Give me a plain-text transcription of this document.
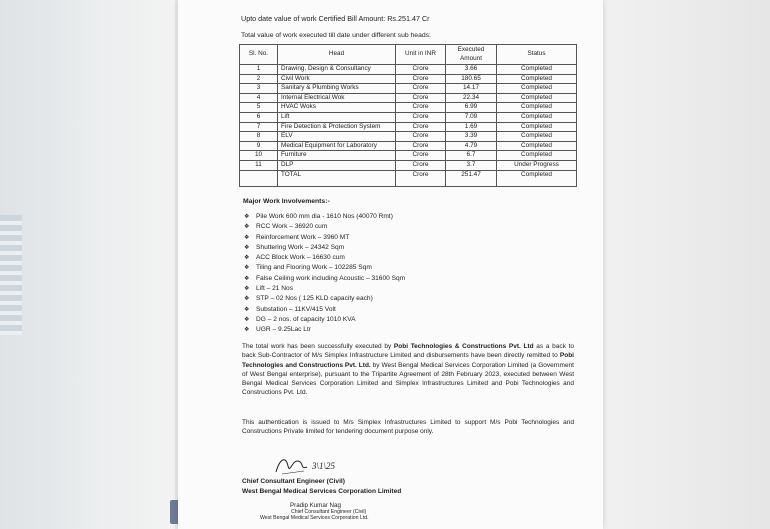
Upto date value of work Certified Bill Amount: Rs.251.47 Cr
Total value of work executed till date under different sub heads:
Sl. No.	Head	Unit in INR	Executed Amount	Status
1	Drawing, Design & Consultancy	Crore	3.66	Completed
2	Civil Work	Crore	180.65	Completed
3	Sanitary & Plumbing Works	Crore	14.17	Completed
4	Internal Electrical Wok	Crore	22.34	Completed
5	HVAC Woks	Crore	6.99	Completed
6	Lift	Crore	7.09	Completed
7	Fire Detection & Protection System	Crore	1.69	Completed
8	ELV	Crore	3.39	Completed
9	Medical Equipment for Laboratory	Crore	4.79	Completed
10	Furniture	Crore	6.7	Completed
11	DLP	Crore	3.7	Under Progress
	TOTAL	Crore	251.47	Completed
Major Work Involvements:-
❖ Pile Work 600 mm dia - 1610 Nos (40070 Rmt)
❖ RCC Work – 36920 cum
❖ Reinforcement Work – 3960 MT
❖ Shuttering Work – 24342 Sqm
❖ ACC Block Work – 16630 cum
❖ Tiling and Flooring Work – 102285 Sqm
❖ False Ceiling work including Acoustic – 31600 Sqm
❖ Lift – 21 Nos
❖ STP – 02 Nos ( 125 KLD capacity each)
❖ Substation – 11KV/415 Volt
❖ DG – 2 nos. of capacity 1010 KVA
❖ UGR – 9.25Lac Ltr
The total work has been successfully executed by Pobi Technologies & Constructions Pvt. Ltd as a back to back Sub-Contractor of M/s Simplex Infrastructure Limited and disbursements have been directly remitted to Pobi Technologies and Constructions Pvt. Ltd. by West Bengal Medical Services Corporation Limited (a Government of West Bengal enterprise), pursuant to the Tripartite Agreement of 28th February 2023, executed between West Bengal Medical Services Corporation Limited and Simplex Infrastructures Limited and Pobi Technologies and Constructions Pvt. Ltd.
This authentication is issued to M/s Simplex Infrastructures Limited to support M/s Pobi Technologies and Constructions Private limited for tendering document purpose only.
3\1\25
Chief Consultant Engineer (Civil)
West Bengal Medical Services Corporation Limited
Pradip Kumar Nag
Chief Consultant Engineer (Civil)
West Bengal Medical Services Corporation Ltd.
